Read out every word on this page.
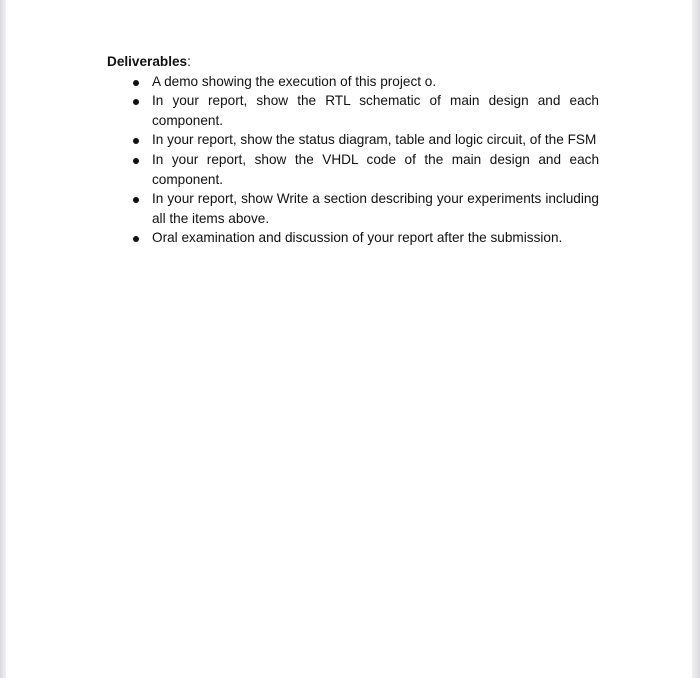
Deliverables:
A demo showing the execution of this project o.
In your report, show the RTL schematic of main design and each component.
In your report, show the status diagram, table and logic circuit, of the FSM
In your report, show the VHDL code of the main design and each component.
In your report, show Write a section describing your experiments including all the items above.
Oral examination and discussion of your report after the submission.
